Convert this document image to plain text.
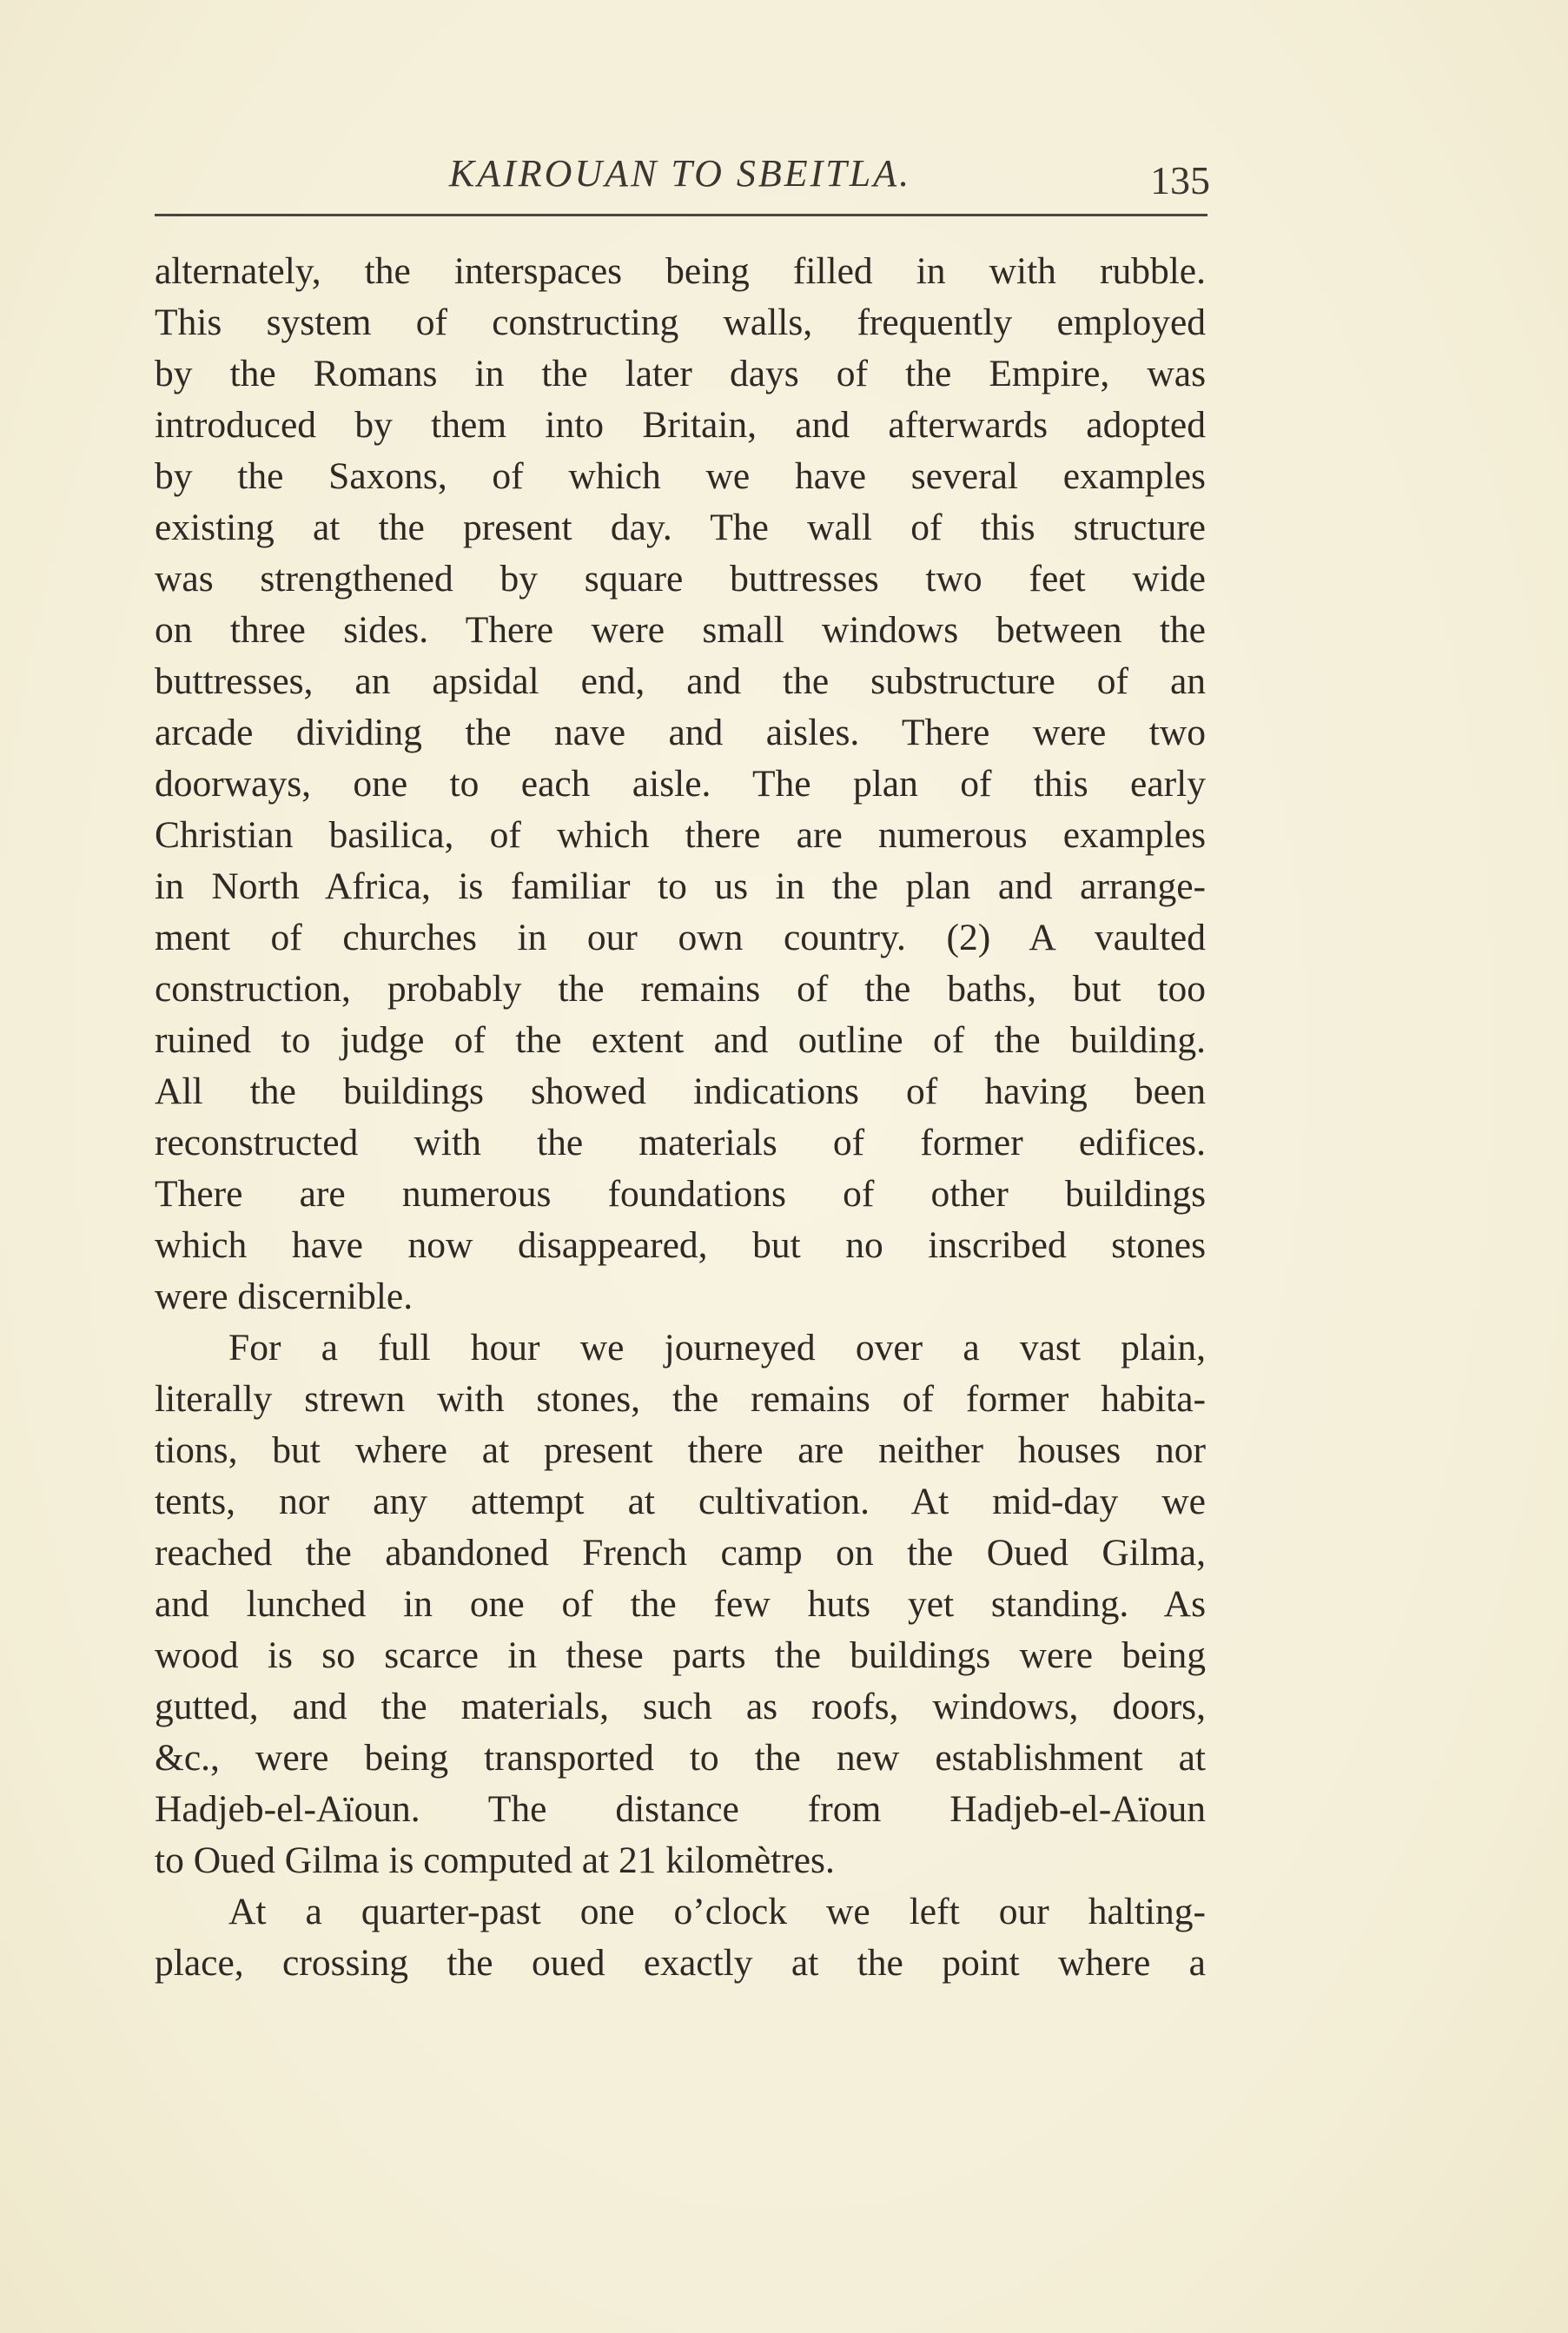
KAIROUAN TO SBEITLA.	135
alternately, the interspaces being filled in with rubble.
This system of constructing walls, frequently employed
by the Romans in the later days of the Empire, was
introduced by them into Britain, and afterwards adopted
by the Saxons, of which we have several examples
existing at the present day. The wall of this structure
was strengthened by square buttresses two feet wide
on three sides. There were small windows between the
buttresses, an apsidal end, and the substructure of an
arcade dividing the nave and aisles. There were two
doorways, one to each aisle. The plan of this early
Christian basilica, of which there are numerous examples
in North Africa, is familiar to us in the plan and arrange-
ment of churches in our own country. (2) A vaulted
construction, probably the remains of the baths, but too
ruined to judge of the extent and outline of the building.
All the buildings showed indications of having been
reconstructed with the materials of former edifices.
There are numerous foundations of other buildings
which have now disappeared, but no inscribed stones
were discernible.
For a full hour we journeyed over a vast plain,
literally strewn with stones, the remains of former habita-
tions, but where at present there are neither houses nor
tents, nor any attempt at cultivation. At mid-day we
reached the abandoned French camp on the Oued Gilma,
and lunched in one of the few huts yet standing. As
wood is so scarce in these parts the buildings were being
gutted, and the materials, such as roofs, windows, doors,
&c., were being transported to the new establishment at
Hadjeb-el-Aïoun. The distance from Hadjeb-el-Aïoun
to Oued Gilma is computed at 21 kilomètres.
At a quarter-past one o’clock we left our halting-
place, crossing the oued exactly at the point where a
